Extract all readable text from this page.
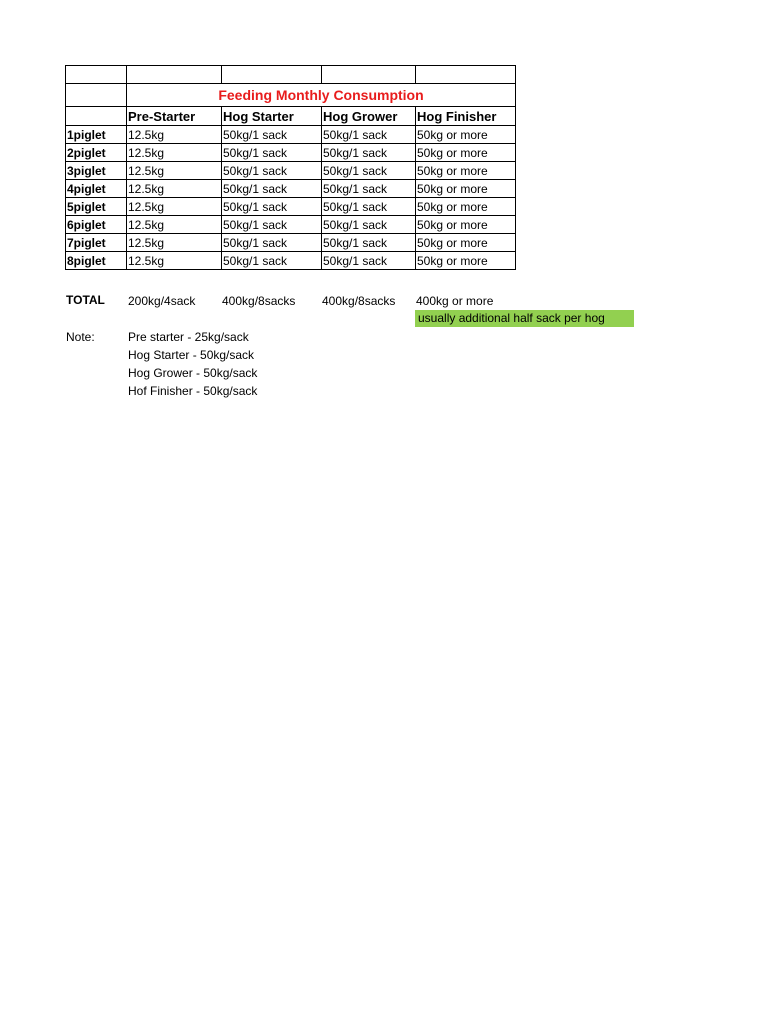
	Feeding Monthly Consumption			
	Pre-Starter	Hog Starter	Hog Grower	Hog Finisher
1piglet	12.5kg	50kg/1 sack	50kg/1 sack	50kg or more
2piglet	12.5kg	50kg/1 sack	50kg/1 sack	50kg or more
3piglet	12.5kg	50kg/1 sack	50kg/1 sack	50kg or more
4piglet	12.5kg	50kg/1 sack	50kg/1 sack	50kg or more
5piglet	12.5kg	50kg/1 sack	50kg/1 sack	50kg or more
6piglet	12.5kg	50kg/1 sack	50kg/1 sack	50kg or more
7piglet	12.5kg	50kg/1 sack	50kg/1 sack	50kg or more
8piglet	12.5kg	50kg/1 sack	50kg/1 sack	50kg or more
TOTAL 200kg/4sack 400kg/8sacks 400kg/8sacks 400kg or more
usually additional half sack per hog
Note:	Pre starter - 25kg/sack
Hog Starter - 50kg/sack
Hog Grower - 50kg/sack
Hof Finisher - 50kg/sack
